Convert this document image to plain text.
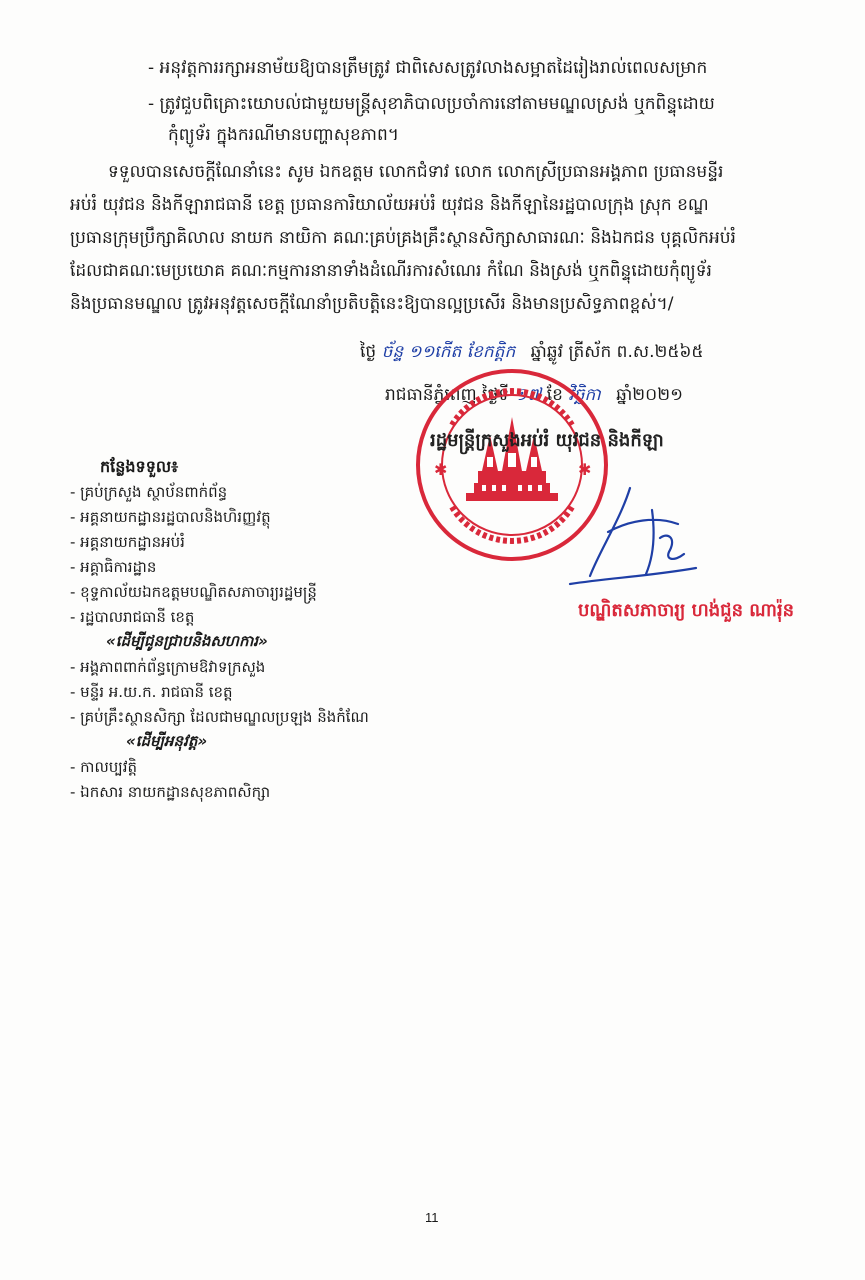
- អនុវត្តការរក្សាអនាម័យឱ្យបានត្រឹមត្រូវ ជាពិសេសត្រូវលាងសម្អាតដៃរៀងរាល់ពេលសម្រាក
- ត្រូវជួបពិគ្រោះយោបល់ជាមួយមន្ត្រីសុខាភិបាលប្រចាំការនៅតាមមណ្ឌលស្រង់ ឬកពិន្ទុដោយ
កុំព្យូទ័រ ក្នុងករណីមានបញ្ហាសុខភាព។
ទទួលបានសេចក្តីណែនាំនេះ សូម ឯកឧត្តម លោកជំទាវ លោក លោកស្រីប្រធានអង្គភាព ប្រធានមន្ទីរ
អប់រំ យុវជន និងកីឡារាជធានី ខេត្ត ប្រធានការិយាល័យអប់រំ យុវជន និងកីឡានៃរដ្ឋបាលក្រុង ស្រុក ខណ្ឌ
ប្រធានក្រុមប្រឹក្សាគិលាល នាយក នាយិកា គណៈគ្រប់គ្រងគ្រឹះស្ថានសិក្សាសាធារណៈ និងឯកជន បុគ្គលិកអប់រំ
ដែលជាគណៈមេប្រយោគ គណៈកម្មការនានាទាំងដំណើរការសំណេរ កំណែ និងស្រង់ ឬកពិន្ទុដោយកុំព្យូទ័រ
និងប្រធានមណ្ឌល ត្រូវអនុវត្តសេចក្តីណែនាំប្រតិបត្តិនេះឱ្យបានល្អប្រសើរ និងមានប្រសិទ្ធភាពខ្ពស់។/
ថ្ងៃ ច័ន្ទ ១១កើត ខែកត្តិក ឆ្នាំឆ្លូវ ត្រីស័ក ព.ស.២៥៦៥
រាជធានីភ្នំពេញ ថ្ងៃទី ១៧ ខែ វិច្ឆិកា ឆ្នាំ២០២១
✱	✱
រដ្ឋមន្ត្រីក្រសួងអប់រំ យុវជន និងកីឡា
បណ្ឌិតសភាចារ្យ ហង់ជួន ណារ៉ុន
កន្លែងទទួល៖
- គ្រប់ក្រសួង ស្ថាប័នពាក់ព័ន្ធ
- អគ្គនាយកដ្ឋានរដ្ឋបាលនិងហិរញ្ញវត្ថុ
- អគ្គនាយកដ្ឋានអប់រំ
- អគ្គាធិការដ្ឋាន
- ខុទ្ទកាល័យឯកឧត្តមបណ្ឌិតសភាចារ្យរដ្ឋមន្ត្រី
- រដ្ឋបាលរាជធានី ខេត្ត
«ដើម្បីជូនជ្រាបនិងសហការ»
- អង្គភាពពាក់ព័ន្ធក្រោមឱវាទក្រសួង
- មន្ទីរ អ.យ.ក. រាជធានី ខេត្ត
- គ្រប់គ្រឹះស្ថានសិក្សា ដែលជាមណ្ឌលប្រឡង និងកំណែ
«ដើម្បីអនុវត្ត»
- កាលប្បវត្តិ
- ឯកសារ នាយកដ្ឋានសុខភាពសិក្សា
11
